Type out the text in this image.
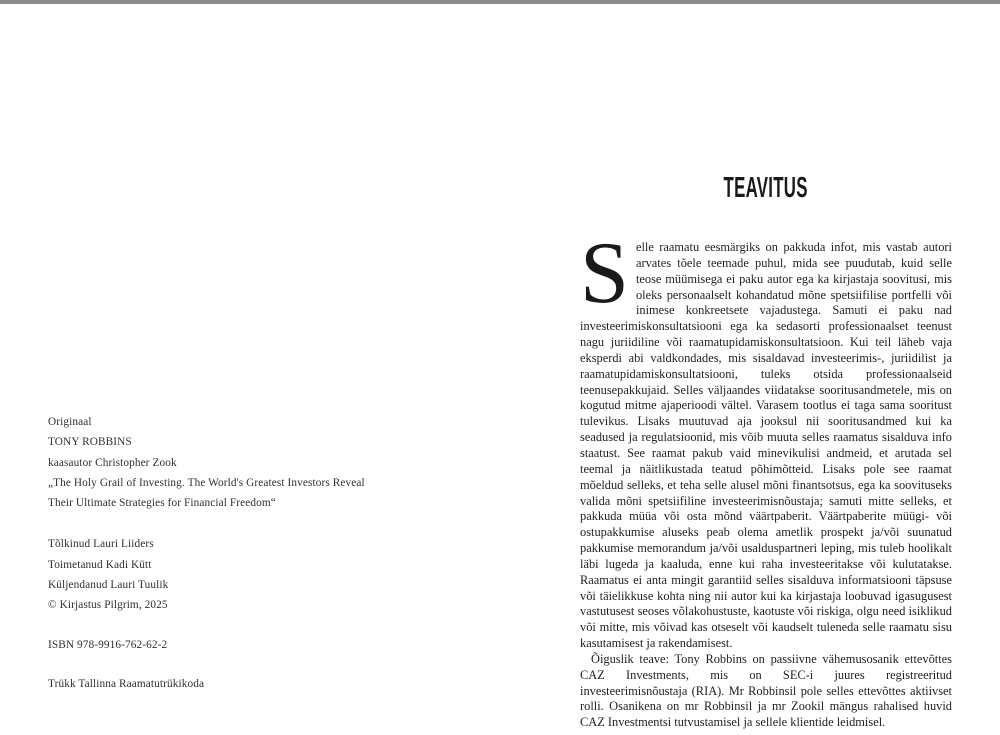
Originaal
TONY ROBBINS
kaasautor Christopher Zook
„The Holy Grail of Investing. The World's Greatest Investors Reveal
Their Ultimate Strategies for Financial Freedom“
Tõlkinud Lauri Liiders
Toimetanud Kadi Kütt
Küljendanud Lauri Tuulik
© Kirjastus Pilgrim, 2025
ISBN 978-9916-762-62-2
Trükk Tallinna Raamatutrükikoda
TEAVITUS

Selle raamatu eesmärgiks on pakkuda infot, mis vastab autori arvates tõele teemade puhul, mida see puudutab, kuid selle teose müümisega ei paku autor ega ka kirjastaja soovitusi, mis oleks personaalselt kohandatud mõne spetsiifilise portfelli või inimese konkreetsete vajadustega. Samuti ei paku nad investeerimiskonsultatsiooni ega ka sedasorti professionaalset teenust nagu juriidiline või raamatupidamiskonsultatsioon. Kui teil läheb vaja eksperdi abi valdkondades, mis sisaldavad investeerimis-, juriidilist ja raamatupidamiskonsultatsiooni, tuleks otsida professionaalseid teenusepakkujaid. Selles väljaandes viidatakse sooritusandmetele, mis on kogutud mitme ajaperioodi vältel. Varasem tootlus ei taga sama sooritust tulevikus. Lisaks muutuvad aja jooksul nii sooritusandmed kui ka seadused ja regulatsioonid, mis võib muuta selles raamatus sisalduva info staatust. See raamat pakub vaid minevikulisi andmeid, et arutada sel teemal ja näitlikustada teatud põhimõtteid. Lisaks pole see raamat mõeldud selleks, et teha selle alusel mõni finantsotsus, ega ka soovituseks valida mõni spetsiifiline investeerimisnõustaja; samuti mitte selleks, et pakkuda müüa või osta mõnd väärtpaberit. Väärtpaberite müügi- või ostupakkumise aluseks peab olema ametlik prospekt ja/või suunatud pakkumise memorandum ja/või usalduspartneri leping, mis tuleb hoolikalt läbi lugeda ja kaaluda, enne kui raha investeeritakse või kulutatakse. Raamatus ei anta mingit garantiid selles sisalduva informatsiooni täpsuse või täielikkuse kohta ning nii autor kui ka kirjastaja loobuvad igasugusest vastutusest seoses võlakohustuste, kaotuste või riskiga, olgu need isiklikud või mitte, mis võivad kas otseselt või kaudselt tuleneda selle raamatu sisu kasutamisest ja rakendamisest.

Õiguslik teave: Tony Robbins on passiivne vähemusosanik ettevõttes CAZ Investments, mis on SEC-i juures registreeritud investeerimisnõustaja (RIA). Mr Robbinsil pole selles ettevõttes aktiivset rolli. Osanikena on mr Robbinsil ja mr Zookil mängus rahalised huvid CAZ Investmentsi tutvustamisel ja sellele klientide leidmisel.
